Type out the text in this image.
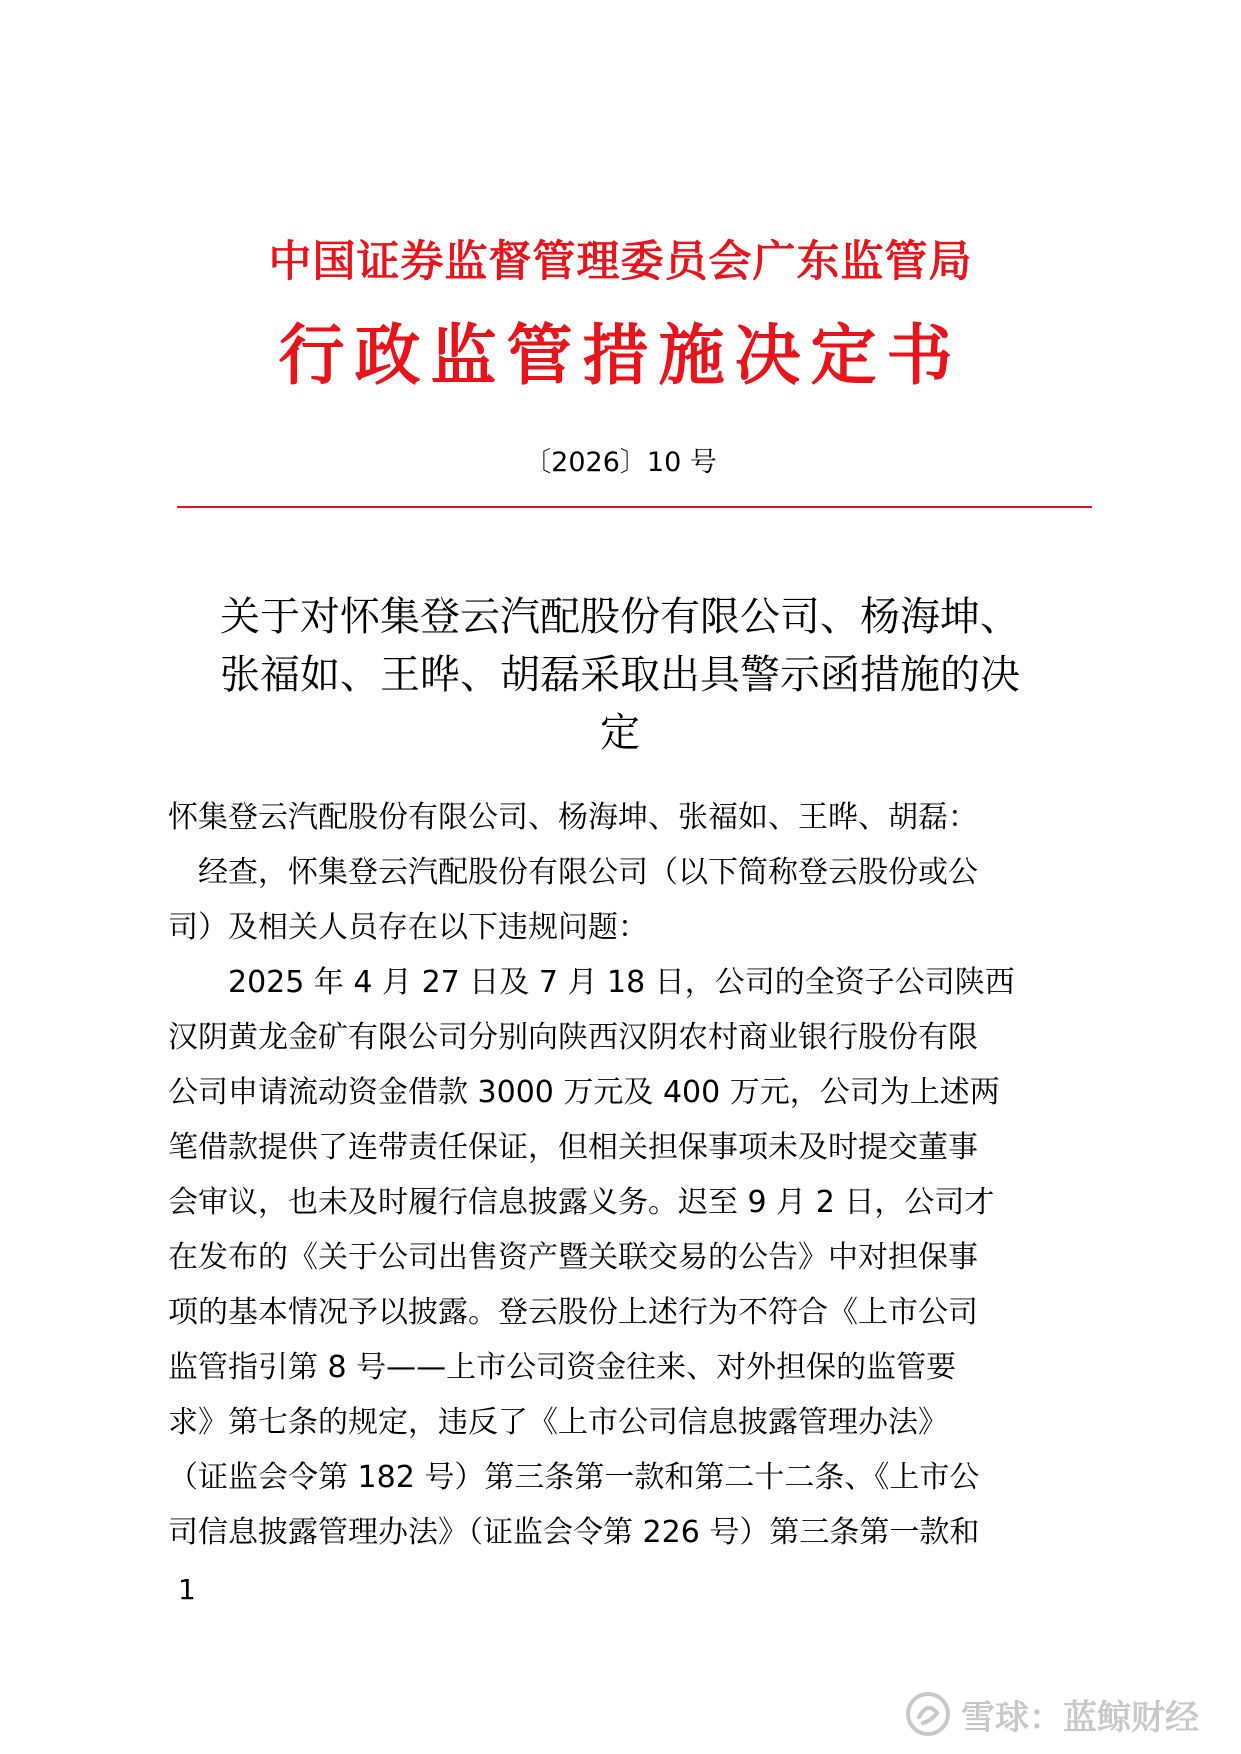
中国证券监督管理委员会广东监管局
行政监管措施决定书
〔2026〕10 号
关于对怀集登云汽配股份有限公司、杨海坤、
张福如、王晔、胡磊采取出具警示函措施的决
定
怀集登云汽配股份有限公司、杨海坤、张福如、王晔、胡磊：
　经查，怀集登云汽配股份有限公司（以下简称登云股份或公
司）及相关人员存在以下违规问题：
　　2025 年 4 月 27 日及 7 月 18 日，公司的全资子公司陕西
汉阴黄龙金矿有限公司分别向陕西汉阴农村商业银行股份有限
公司申请流动资金借款 3000 万元及 400 万元，公司为上述两
笔借款提供了连带责任保证，但相关担保事项未及时提交董事
会审议，也未及时履行信息披露义务。迟至 9 月 2 日，公司才
在发布的《关于公司出售资产暨关联交易的公告》中对担保事
项的基本情况予以披露。登云股份上述行为不符合《上市公司
监管指引第 8 号——上市公司资金往来、对外担保的监管要
求》第七条的规定，违反了《上市公司信息披露管理办法》
（证监会令第 182 号）第三条第一款和第二十二条、《上市公
司信息披露管理办法》（证监会令第 226 号）第三条第一款和
1
雪球：蓝鲸财经
